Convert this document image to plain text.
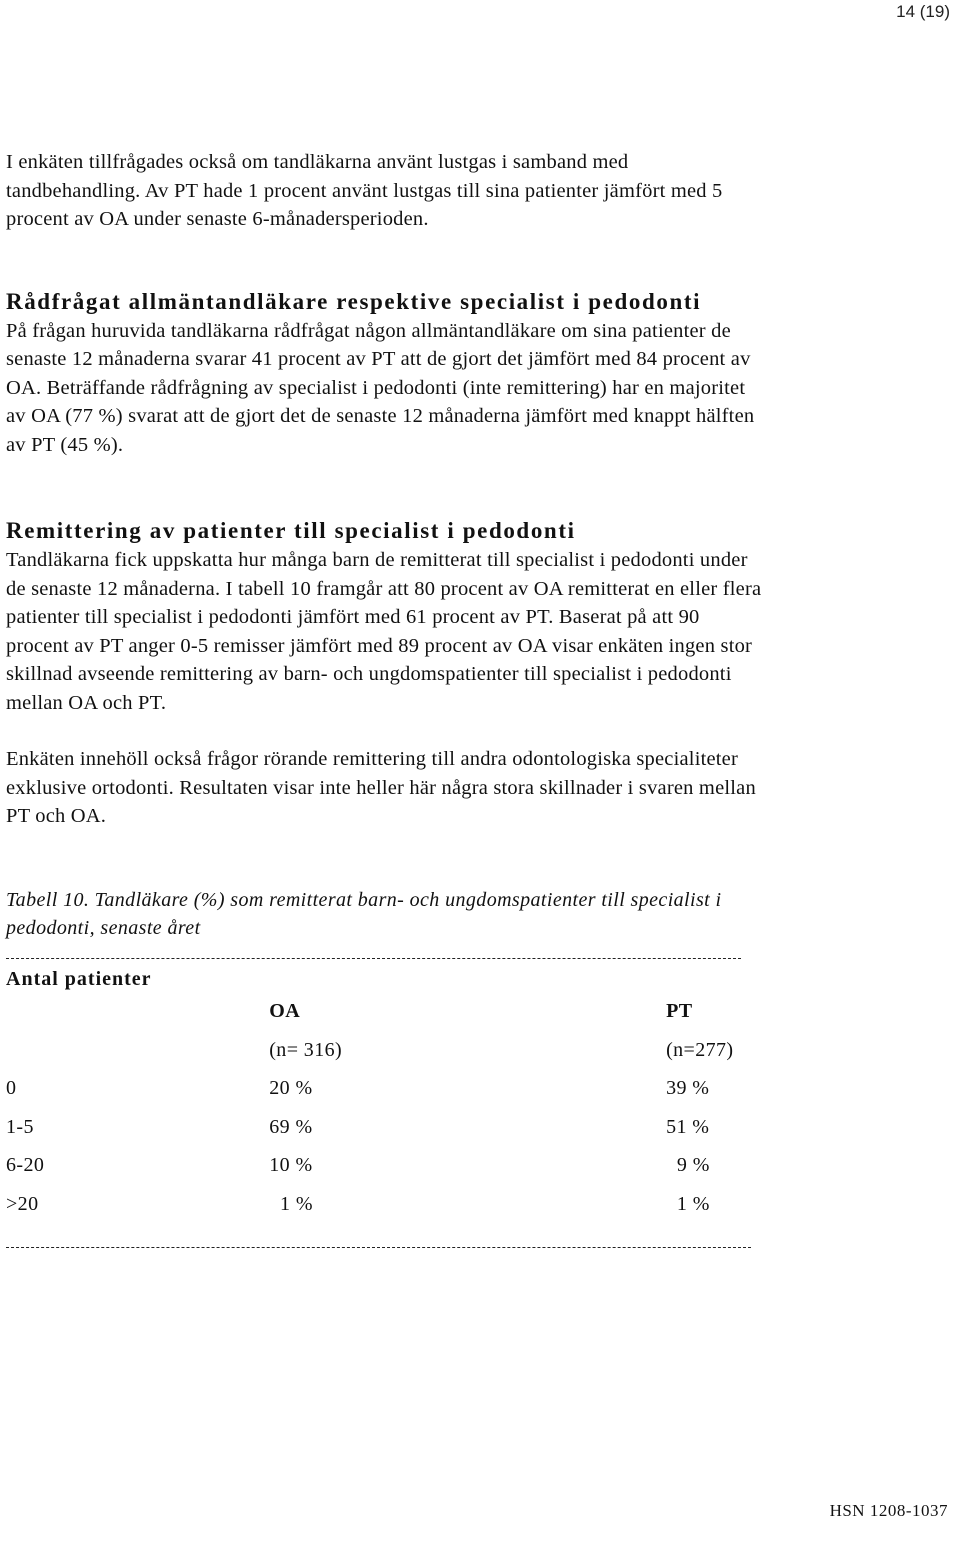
14 (19)

I enkäten tillfrågades också om tandläkarna använt lustgas i samband med tandbehandling. Av PT hade 1 procent använt lustgas till sina patienter jämfört med 5 procent av OA under senaste 6-månadersperioden.

Rådfrågat allmäntandläkare respektive specialist i pedodonti

På frågan huruvida tandläkarna rådfrågat någon allmäntandläkare om sina patienter de senaste 12 månaderna svarar 41 procent av PT att de gjort det jämfört med 84 procent av OA. Beträffande rådfrågning av specialist i pedodonti (inte remittering) har en majoritet av OA (77 %) svarat att de gjort det de senaste 12 månaderna jämfört med knappt hälften av PT (45 %).

Remittering av patienter till specialist i pedodonti

Tandläkarna fick uppskatta hur många barn de remitterat till specialist i pedodonti under de senaste 12 månaderna. I tabell 10 framgår att 80 procent av OA remitterat en eller flera patienter till specialist i pedodonti jämfört med 61 procent av PT. Baserat på att 90 procent av PT anger 0-5 remisser jämfört med 89 procent av OA visar enkäten ingen stor skillnad avseende remittering av barn- och ungdomspatienter till specialist i pedodonti mellan OA och PT.

Enkäten innehöll också frågor rörande remittering till andra odontologiska specialiteter exklusive ortodonti. Resultaten visar inte heller här några stora skillnader i svaren mellan PT och OA.

Tabell 10. Tandläkare (%) som remitterat barn- och ungdomspatienter till specialist i pedodonti, senaste året

Antal patienter

	OA	PT
	(n= 316)	(n=277)
0	20 %	39 %
1-5	69 %	51 %
6-20	10 %	9 %
>20	1 %	1 %
HSN 1208-1037
